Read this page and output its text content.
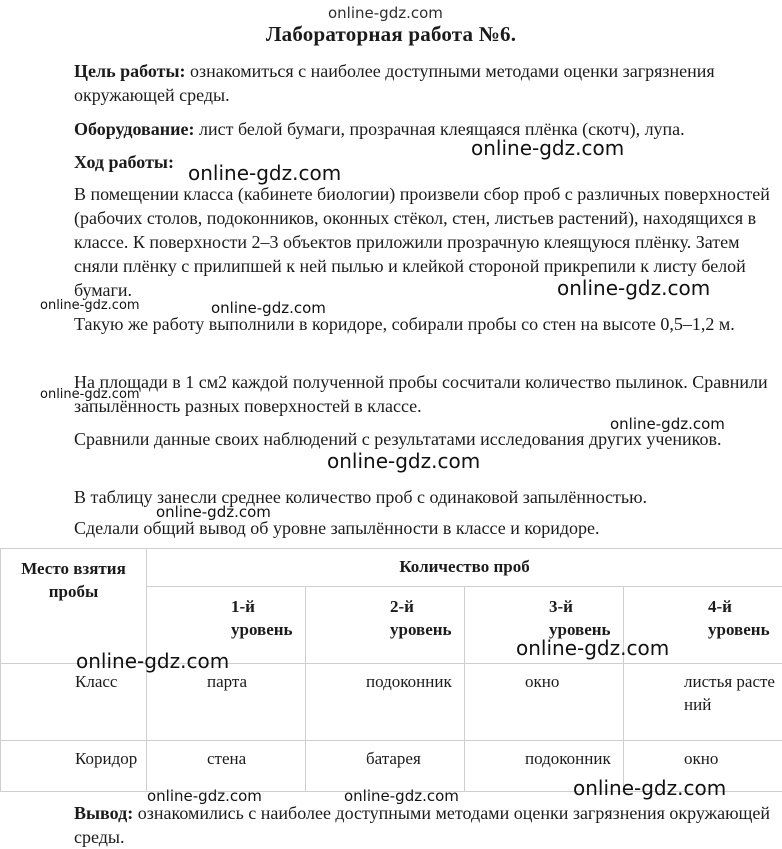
online-gdz.com
Лабораторная работа №6.

Цель работы: ознакомиться с наиболее доступными методами оценки загрязнения окружающей среды.

Оборудование: лист белой бумаги, прозрачная клеящаяся плёнка (скотч), лупа.

Ход работы:

В помещении класса (кабинете биологии) произвели сбор проб с различных поверхностей (рабочих столов, подоконников, оконных стёкол, стен, листьев растений), находящихся в классе. К поверхности 2–3 объектов приложили прозрачную клеящуюся плёнку. Затем сняли плёнку с прилипшей к ней пылью и клейкой стороной прикрепили к листу белой бумаги.

Такую же работу выполнили в коридоре, собирали пробы со стен на высоте 0,5–1,2 м.

На площади в 1 см2 каждой полученной пробы сосчитали количество пылинок. Сравнили запылённость разных поверхностей в классе.

Сравнили данные своих наблюдений с результатами исследования других учеников.

В таблицу занесли среднее количество проб с одинаковой запылённостью.

Сделали общий вывод об уровне запылённости в классе и коридоре.

Место взятия пробы	Количество проб			
	1-й уровень	2-й уровень	3-й уровень	4-й уровень
Класс	парта	подоконник	окно	листья растений
Коридор	стена	батарея	подоконник	окно

Вывод: ознакомились с наиболее доступными методами оценки загрязнения окружающей среды.

online-gdz.com
online-gdz.com
online-gdz.com
online-gdz.com	online-gdz.com
online-gdz.com
online-gdz.com
online-gdz.com
online-gdz.com
online-gdz.com
online-gdz.com
online-gdz.com	online-gdz.com	online-gdz.com
